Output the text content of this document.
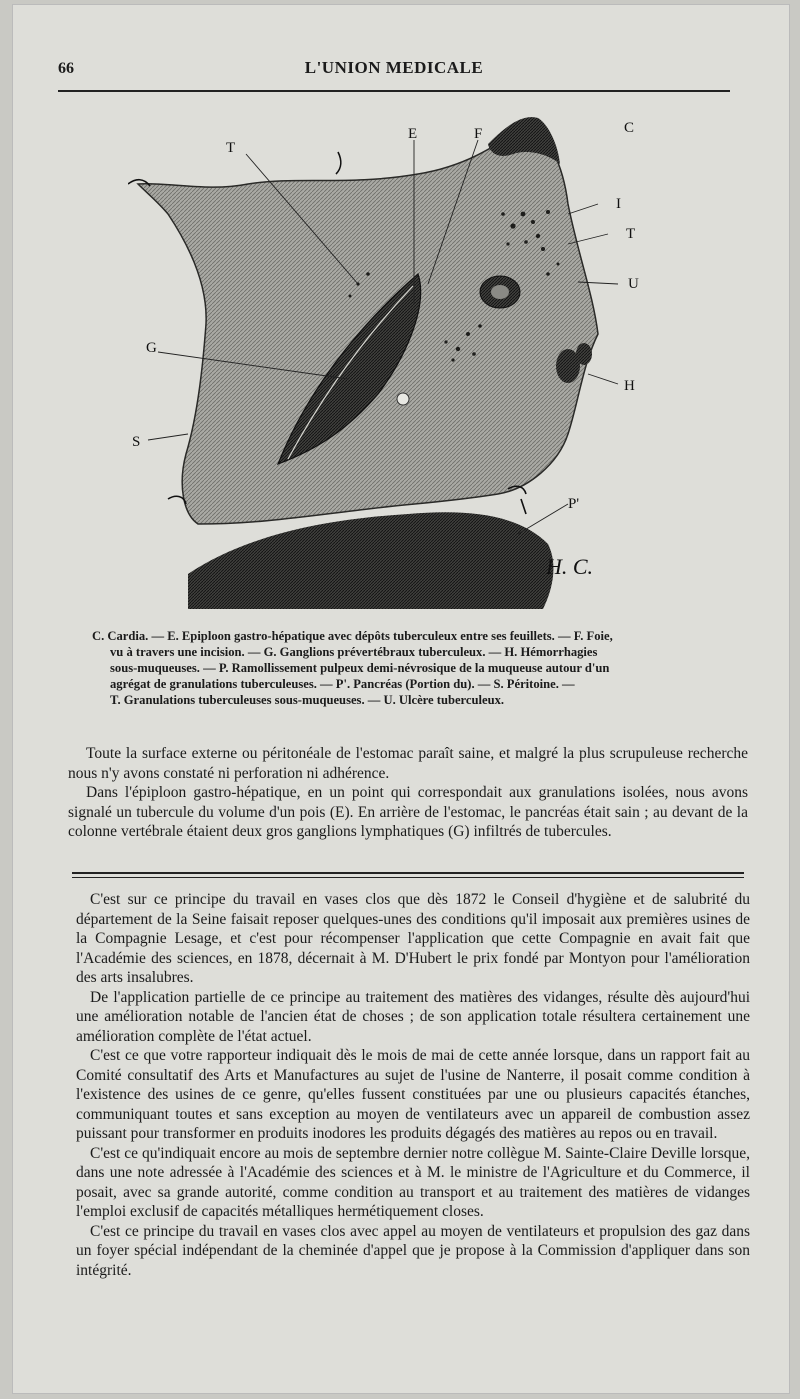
66	L'UNION MEDICALE
T
E	F	C
I
T
U
G
H
S
P'
H. C.
C. Cardia. — E. Epiploon gastro-hépatique avec dépôts tuberculeux entre ses feuillets. — F. Foie,
vu à travers une incision. — G. Ganglions prévertébraux tuberculeux. — H. Hémorrhagies
sous-muqueuses. — P. Ramollissement pulpeux demi-névrosique de la muqueuse autour d'un
agrégat de granulations tuberculeuses. — P'. Pancréas (Portion du). — S. Péritoine. —
T. Granulations tuberculeuses sous-muqueuses. — U. Ulcère tuberculeux.

Toute la surface externe ou péritonéale de l'estomac paraît saine, et malgré la plus scrupuleuse recherche nous n'y avons constaté ni perforation ni adhérence.

Dans l'épiploon gastro-hépatique, en un point qui correspondait aux granulations isolées, nous avons signalé un tubercule du volume d'un pois (E). En arrière de l'estomac, le pancréas était sain ; au devant de la colonne vertébrale étaient deux gros ganglions lymphatiques (G) infiltrés de tubercules.

C'est sur ce principe du travail en vases clos que dès 1872 le Conseil d'hygiène et de salubrité du département de la Seine faisait reposer quelques-unes des conditions qu'il imposait aux premières usines de la Compagnie Lesage, et c'est pour récompenser l'application que cette Compagnie en avait fait que l'Académie des sciences, en 1878, décernait à M. D'Hubert le prix fondé par Montyon pour l'amélioration des arts insalubres.

De l'application partielle de ce principe au traitement des matières des vidanges, résulte dès aujourd'hui une amélioration notable de l'ancien état de choses ; de son application totale résultera certainement une amélioration complète de l'état actuel.

C'est ce que votre rapporteur indiquait dès le mois de mai de cette année lorsque, dans un rapport fait au Comité consultatif des Arts et Manufactures au sujet de l'usine de Nanterre, il posait comme condition à l'existence des usines de ce genre, qu'elles fussent constituées par une ou plusieurs capacités étanches, communiquant toutes et sans exception au moyen de ventilateurs avec un appareil de combustion assez puissant pour transformer en produits inodores les produits dégagés des matières au repos ou en travail.

C'est ce qu'indiquait encore au mois de septembre dernier notre collègue M. Sainte-Claire Deville lorsque, dans une note adressée à l'Académie des sciences et à M. le ministre de l'Agriculture et du Commerce, il posait, avec sa grande autorité, comme condition au transport et au traitement des matières de vidanges l'emploi exclusif de capacités métalliques hermétiquement closes.

C'est ce principe du travail en vases clos avec appel au moyen de ventilateurs et propulsion des gaz dans un foyer spécial indépendant de la cheminée d'appel que je propose à la Commission d'appliquer dans son intégrité.
